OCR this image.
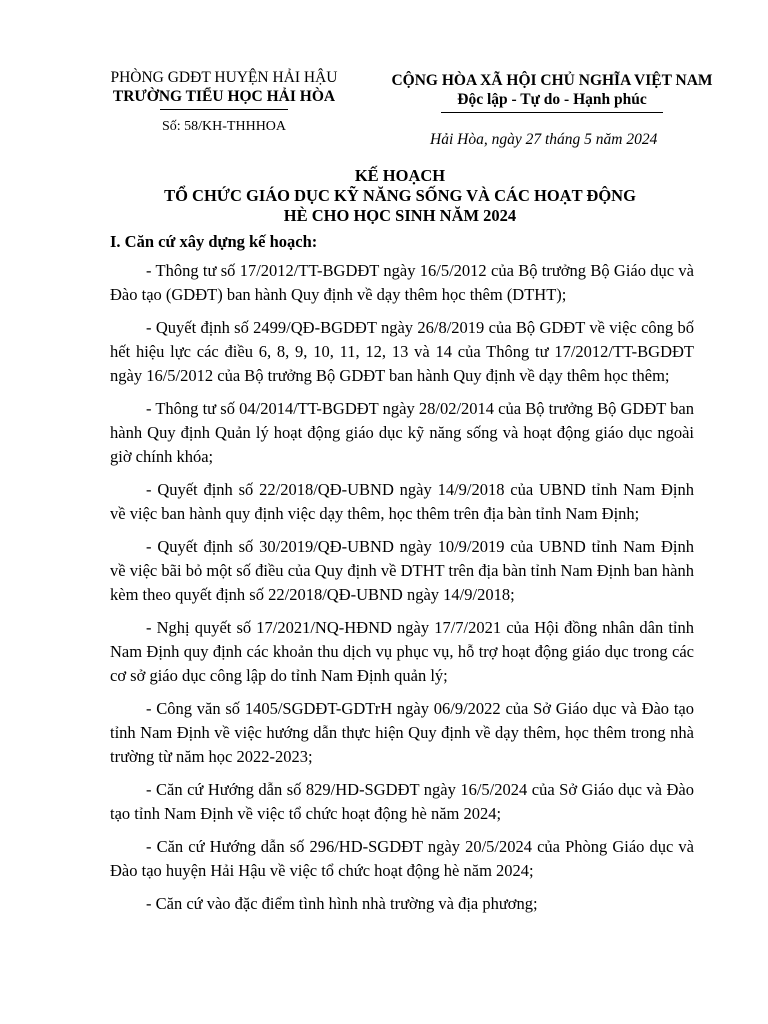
PHÒNG GDĐT HUYỆN HẢI HẬU
TRƯỜNG TIỂU HỌC HẢI HÒA
Số: 58/KH-THHHOA
CỘNG HÒA XÃ HỘI CHỦ NGHĨA VIỆT NAM
Độc lập - Tự do - Hạnh phúc
Hải Hòa, ngày 27 tháng 5 năm 2024
KẾ HOẠCH
TỔ CHỨC GIÁO DỤC KỸ NĂNG SỐNG VÀ CÁC HOẠT ĐỘNG
HÈ CHO HỌC SINH NĂM 2024
I. Căn cứ xây dựng kế hoạch:

- Thông tư số 17/2012/TT-BGDĐT ngày 16/5/2012 của Bộ trưởng Bộ Giáo dục và Đào tạo (GDĐT) ban hành Quy định về dạy thêm học thêm (DTHT);

- Quyết định số 2499/QĐ-BGDĐT ngày 26/8/2019 của Bộ GDĐT về việc công bố hết hiệu lực các điều 6, 8, 9, 10, 11, 12, 13 và 14 của Thông tư 17/2012/TT-BGDĐT ngày 16/5/2012 của Bộ trưởng Bộ GDĐT ban hành Quy định về dạy thêm học thêm;

- Thông tư số 04/2014/TT-BGDĐT ngày 28/02/2014 của Bộ trưởng Bộ GDĐT ban hành Quy định Quản lý hoạt động giáo dục kỹ năng sống và hoạt động giáo dục ngoài giờ chính khóa;

- Quyết định số 22/2018/QĐ-UBND ngày 14/9/2018 của UBND tỉnh Nam Định về việc ban hành quy định việc dạy thêm, học thêm trên địa bàn tỉnh Nam Định;

- Quyết định số 30/2019/QĐ-UBND ngày 10/9/2019 của UBND tỉnh Nam Định về việc bãi bỏ một số điều của Quy định về DTHT trên địa bàn tỉnh Nam Định ban hành kèm theo quyết định số 22/2018/QĐ-UBND ngày 14/9/2018;

- Nghị quyết số 17/2021/NQ-HĐND ngày 17/7/2021 của Hội đồng nhân dân tỉnh Nam Định quy định các khoản thu dịch vụ phục vụ, hỗ trợ hoạt động giáo dục trong các cơ sở giáo dục công lập do tỉnh Nam Định quản lý;

- Công văn số 1405/SGDĐT-GDTrH ngày 06/9/2022 của Sở Giáo dục và Đào tạo tỉnh Nam Định về việc hướng dẫn thực hiện Quy định về dạy thêm, học thêm trong nhà trường từ năm học 2022-2023;

- Căn cứ Hướng dẫn số 829/HD-SGDĐT ngày 16/5/2024 của Sở Giáo dục và Đào tạo tỉnh Nam Định về việc tổ chức hoạt động hè năm 2024;

- Căn cứ Hướng dẫn số 296/HD-SGDĐT ngày 20/5/2024 của Phòng Giáo dục và Đào tạo huyện Hải Hậu về việc tổ chức hoạt động hè năm 2024;

- Căn cứ vào đặc điểm tình hình nhà trường và địa phương;
